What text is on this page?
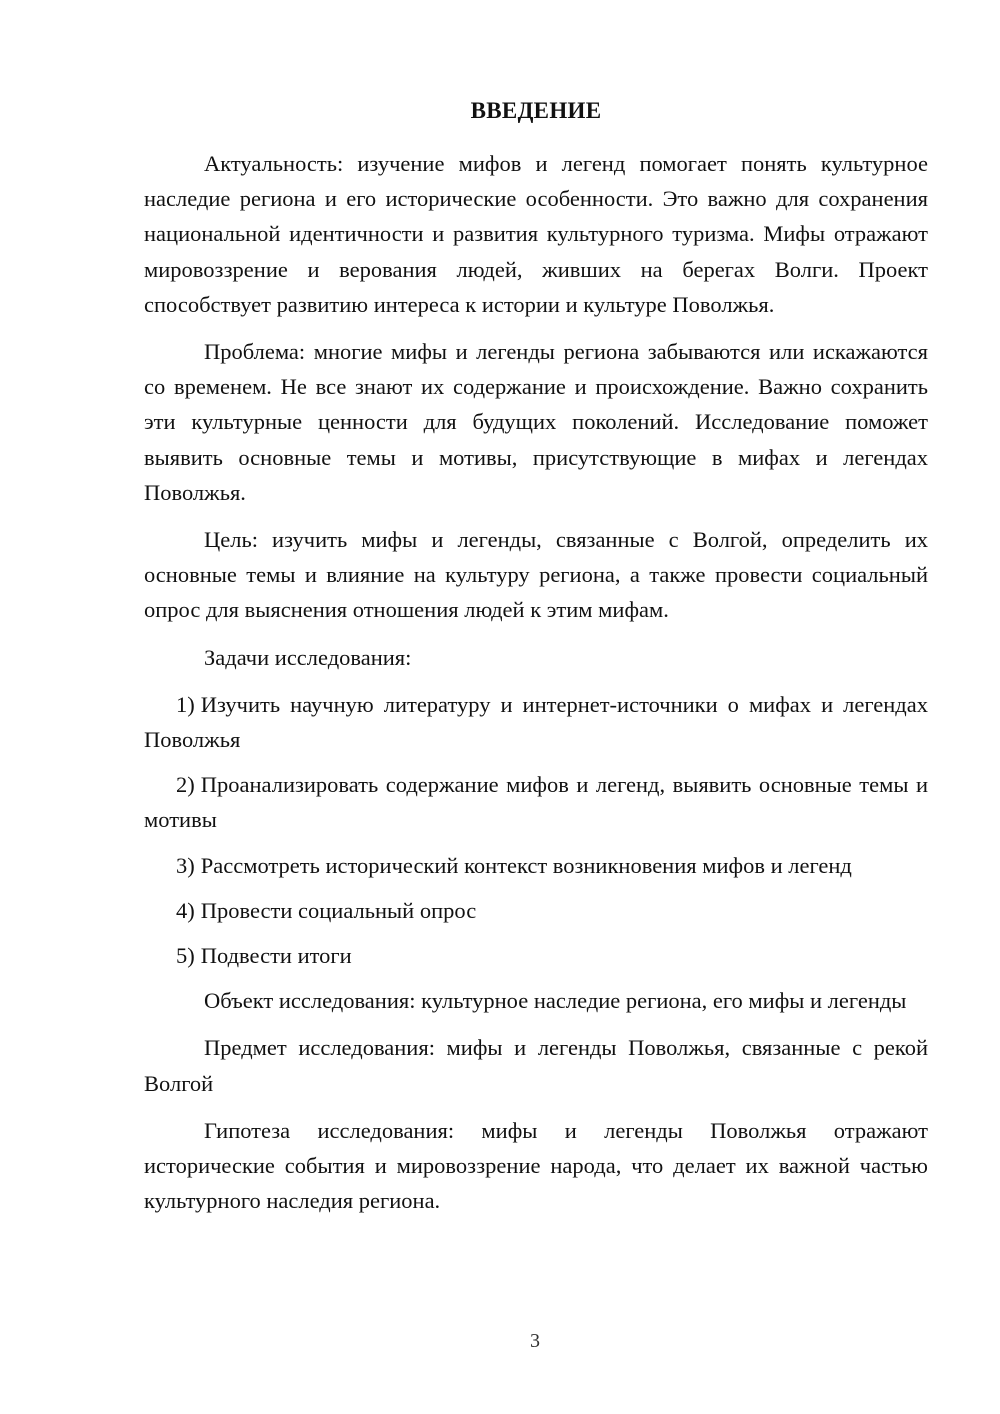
ВВЕДЕНИЕ

Актуальность: изучение мифов и легенд помогает понять культурное наследие региона и его исторические особенности. Это важно для сохранения национальной идентичности и развития культурного туризма. Мифы отражают мировоззрение и верования людей, живших на берегах Волги. Проект способствует развитию интереса к истории и культуре Поволжья.

Проблема: многие мифы и легенды региона забываются или искажаются со временем. Не все знают их содержание и происхождение. Важно сохранить эти культурные ценности для будущих поколений. Исследование поможет выявить основные темы и мотивы, присутствующие в мифах и легендах Поволжья.

Цель: изучить мифы и легенды, связанные с Волгой, определить их основные темы и влияние на культуру региона, а также провести социальный опрос для выяснения отношения людей к этим мифам.

Задачи исследования:

1) Изучить научную литературу и интернет-источники о мифах и легендах Поволжья
2) Проанализировать содержание мифов и легенд, выявить основные темы и мотивы
3) Рассмотреть исторический контекст возникновения мифов и легенд
4) Провести социальный опрос
5) Подвести итоги

Объект исследования: культурное наследие региона, его мифы и легенды

Предмет исследования: мифы и легенды Поволжья, связанные с рекой Волгой

Гипотеза исследования: мифы и легенды Поволжья отражают исторические события и мировоззрение народа, что делает их важной частью культурного наследия региона.

3
